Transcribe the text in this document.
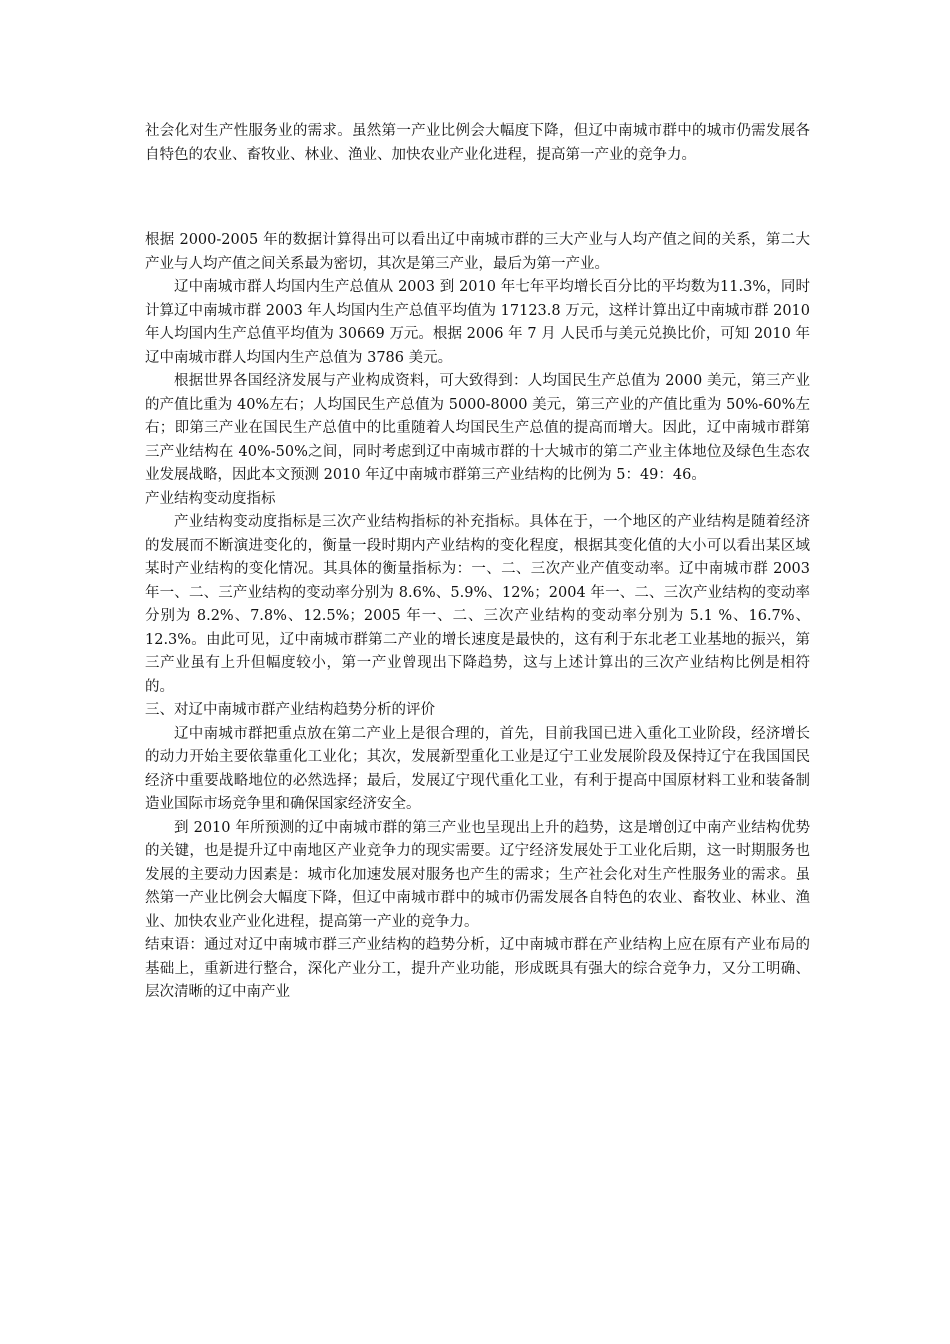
社会化对生产性服务业的需求。虽然第一产业比例会大幅度下降，但辽中南城市群中的城市仍需发展各自特色的农业、畜牧业、林业、渔业、加快农业产业化进程，提高第一产业的竞争力。

根据 2000-2005 年的数据计算得出可以看出辽中南城市群的三大产业与人均产值之间的关系，第二大产业与人均产值之间关系最为密切，其次是第三产业，最后为第一产业。

辽中南城市群人均国内生产总值从 2003 到 2010 年七年平均增长百分比的平均数为11.3%，同时计算辽中南城市群 2003 年人均国内生产总值平均值为 17123.8 万元，这样计算出辽中南城市群 2010 年人均国内生产总值平均值为 30669 万元。根据 2006 年 7 月 人民币与美元兑换比价，可知 2010 年辽中南城市群人均国内生产总值为 3786 美元。

根据世界各国经济发展与产业构成资料，可大致得到：人均国民生产总值为 2000 美元，第三产业的产值比重为 40%左右；人均国民生产总值为 5000-8000 美元，第三产业的产值比重为 50%-60%左右；即第三产业在国民生产总值中的比重随着人均国民生产总值的提高而增大。因此，辽中南城市群第三产业结构在 40%-50%之间，同时考虑到辽中南城市群的十大城市的第二产业主体地位及绿色生态农业发展战略，因此本文预测 2010 年辽中南城市群第三产业结构的比例为 5：49：46。

产业结构变动度指标

产业结构变动度指标是三次产业结构指标的补充指标。具体在于，一个地区的产业结构是随着经济的发展而不断演进变化的，衡量一段时期内产业结构的变化程度，根据其变化值的大小可以看出某区域某时产业结构的变化情况。其具体的衡量指标为：一、二、三次产业产值变动率。辽中南城市群 2003 年一、二、三产业结构的变动率分别为 8.6%、5.9%、12%；2004 年一、二、三次产业结构的变动率分别为 8.2%、7.8%、12.5%；2005 年一、二、三次产业结构的变动率分别为 5.1 %、16.7%、12.3%。由此可见，辽中南城市群第二产业的增长速度是最快的，这有利于东北老工业基地的振兴，第三产业虽有上升但幅度较小，第一产业曾现出下降趋势，这与上述计算出的三次产业结构比例是相符的。

三、对辽中南城市群产业结构趋势分析的评价

辽中南城市群把重点放在第二产业上是很合理的，首先，目前我国已进入重化工业阶段，经济增长的动力开始主要依靠重化工业化；其次，发展新型重化工业是辽宁工业发展阶段及保持辽宁在我国国民经济中重要战略地位的必然选择；最后，发展辽宁现代重化工业，有利于提高中国原材料工业和装备制造业国际市场竞争里和确保国家经济安全。

到 2010 年所预测的辽中南城市群的第三产业也呈现出上升的趋势，这是增创辽中南产业结构优势的关键，也是提升辽中南地区产业竞争力的现实需要。辽宁经济发展处于工业化后期，这一时期服务也发展的主要动力因素是：城市化加速发展对服务也产生的需求；生产社会化对生产性服务业的需求。虽然第一产业比例会大幅度下降，但辽中南城市群中的城市仍需发展各自特色的农业、畜牧业、林业、渔业、加快农业产业化进程，提高第一产业的竞争力。

结束语：通过对辽中南城市群三产业结构的趋势分析，辽中南城市群在产业结构上应在原有产业布局的基础上，重新进行整合，深化产业分工，提升产业功能，形成既具有强大的综合竞争力，又分工明确、层次清晰的辽中南产业
